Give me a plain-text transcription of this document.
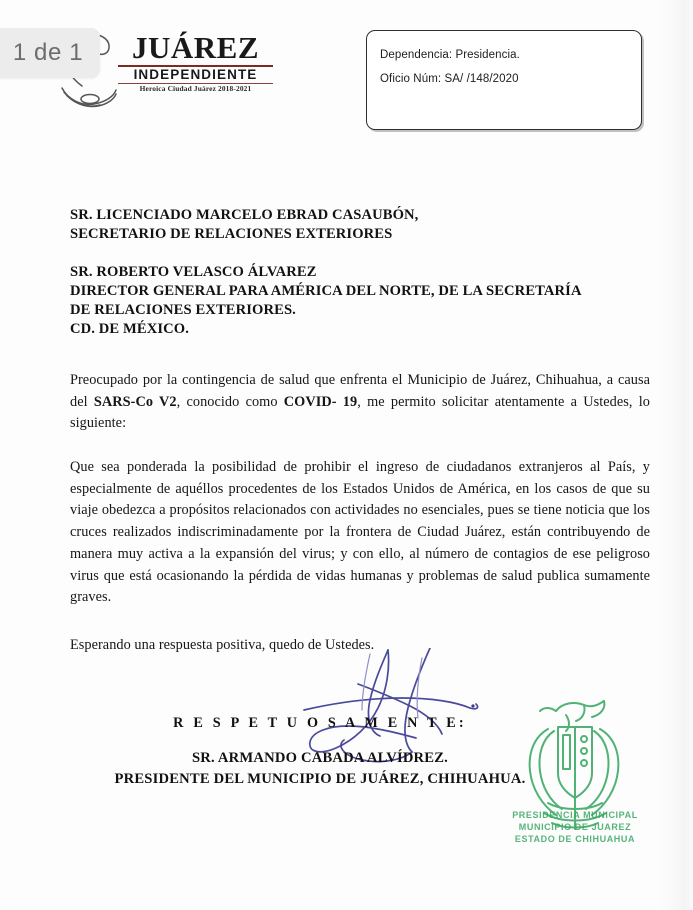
JUÁREZ
INDEPENDIENTE
Heroica Ciudad Juárez 2018-2021
1 de 1	Dependencia: Presidencia.
Oficio Núm: SA/ /148/2020
SR. LICENCIADO MARCELO EBRAD CASAUBÓN,
SECRETARIO DE RELACIONES EXTERIORES
SR. ROBERTO VELASCO ÁLVAREZ
DIRECTOR GENERAL PARA AMÉRICA DEL NORTE, DE LA SECRETARÍA
DE RELACIONES EXTERIORES.
CD. DE MÉXICO.

Preocupado por la contingencia de salud que enfrenta el Municipio de Juárez, Chihuahua, a causa del SARS-Co V2, conocido como COVID- 19, me permito solicitar atentamente a Ustedes, lo siguiente:

Que sea ponderada la posibilidad de prohibir el ingreso de ciudadanos extranjeros al País, y especialmente de aquéllos procedentes de los Estados Unidos de América, en los casos de que su viaje obedezca a propósitos relacionados con actividades no esenciales, pues se tiene noticia que los cruces realizados indiscriminadamente por la frontera de Ciudad Juárez, están contribuyendo de manera muy activa a la expansión del virus; y con ello, al número de contagios de ese peligroso virus que está ocasionando la pérdida de vidas humanas y problemas de salud publica sumamente graves.

Esperando una respuesta positiva, quedo de Ustedes.

R E S P E T U O S A M E N T E:
SR. ARMANDO CABADA ALVÍDREZ.
PRESIDENTE DEL MUNICIPIO DE JUÁREZ, CHIHUAHUA.
PRESIDENCIA MUNICIPAL
MUNICIPIO DE JUAREZ
ESTADO DE CHIHUAHUA
